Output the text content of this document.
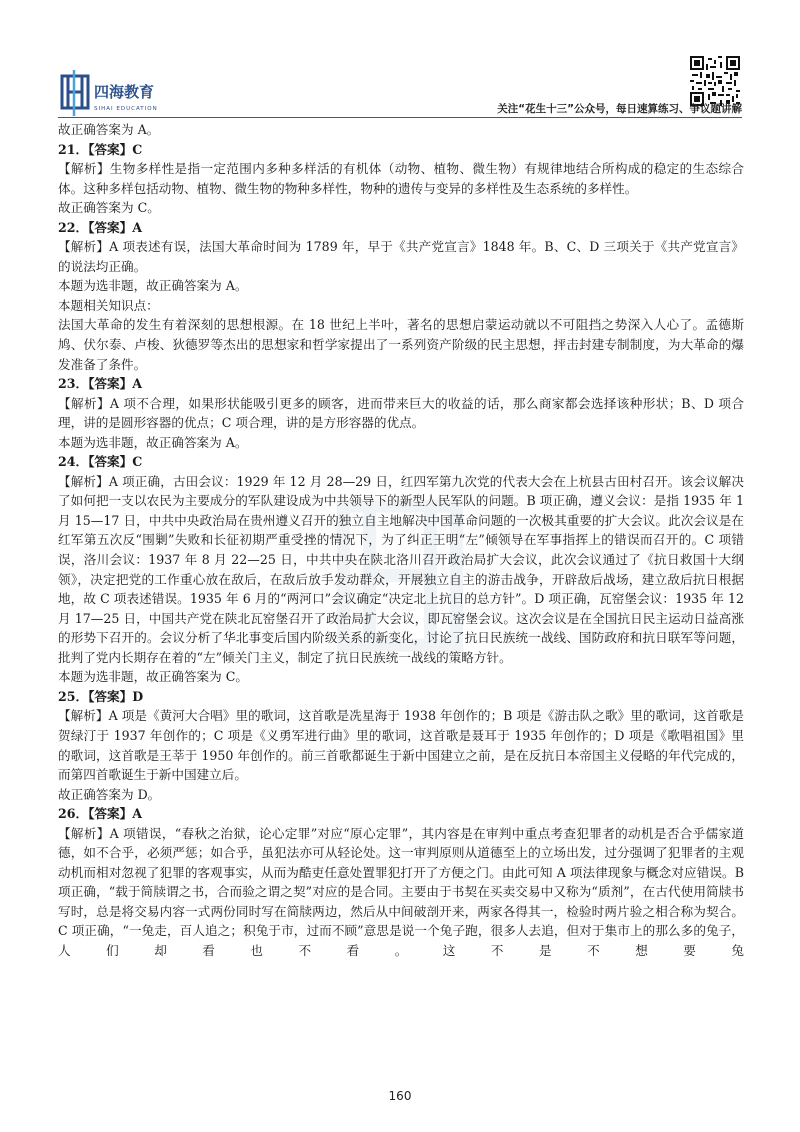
四海教育
SIHAI EDUCATION	关注“花生十三”公众号，每日速算练习、争议题讲解

故正确答案为 A。

21．【答案】C

【解析】生物多样性是指一定范围内多种多样活的有机体（动物、植物、微生物）有规律地结合所构成的稳定的生态综合体。这种多样包括动物、植物、微生物的物种多样性，物种的遗传与变异的多样性及生态系统的多样性。

故正确答案为 C。

22．【答案】A

【解析】A 项表述有误，法国大革命时间为 1789 年，早于《共产党宣言》1848 年。B、C、D 三项关于《共产党宣言》的说法均正确。

本题为选非题，故正确答案为 A。

本题相关知识点：

法国大革命的发生有着深刻的思想根源。在 18 世纪上半叶，著名的思想启蒙运动就以不可阻挡之势深入人心了。孟德斯鸠、伏尔泰、卢梭、狄德罗等杰出的思想家和哲学家提出了一系列资产阶级的民主思想，抨击封建专制制度，为大革命的爆发准备了条件。

23．【答案】A

【解析】A 项不合理，如果形状能吸引更多的顾客，进而带来巨大的收益的话，那么商家都会选择该种形状；B、D 项合理，讲的是圆形容器的优点；C 项合理，讲的是方形容器的优点。

本题为选非题，故正确答案为 A。

24．【答案】C

【解析】A 项正确，古田会议：1929 年 12 月 28—29 日，红四军第九次党的代表大会在上杭县古田村召开。该会议解决了如何把一支以农民为主要成分的军队建设成为中共领导下的新型人民军队的问题。B 项正确，遵义会议：是指 1935 年 1 月 15—17 日，中共中央政治局在贵州遵义召开的独立自主地解决中国革命问题的一次极其重要的扩大会议。此次会议是在红军第五次反“围剿”失败和长征初期严重受挫的情况下，为了纠正王明“左”倾领导在军事指挥上的错误而召开的。C 项错误，洛川会议：1937 年 8 月 22—25 日，中共中央在陕北洛川召开政治局扩大会议，此次会议通过了《抗日救国十大纲领》，决定把党的工作重心放在敌后，在敌后放手发动群众，开展独立自主的游击战争，开辟敌后战场，建立敌后抗日根据地，故 C 项表述错误。1935 年 6 月的“两河口”会议确定“决定北上抗日的总方针”。D 项正确，瓦窑堡会议：1935 年 12 月 17—25 日，中国共产党在陕北瓦窑堡召开了政治局扩大会议，即瓦窑堡会议。这次会议是在全国抗日民主运动日益高涨的形势下召开的。会议分析了华北事变后国内阶级关系的新变化，讨论了抗日民族统一战线、国防政府和抗日联军等问题，批判了党内长期存在着的“左”倾关门主义，制定了抗日民族统一战线的策略方针。

本题为选非题，故正确答案为 C。

25．【答案】D

【解析】A 项是《黄河大合唱》里的歌词，这首歌是冼星海于 1938 年创作的；B 项是《游击队之歌》里的歌词，这首歌是贺绿汀于 1937 年创作的；C 项是《义勇军进行曲》里的歌词，这首歌是聂耳于 1935 年创作的；D 项是《歌唱祖国》里的歌词，这首歌是王莘于 1950 年创作的。前三首歌都诞生于新中国建立之前，是在反抗日本帝国主义侵略的年代完成的，而第四首歌诞生于新中国建立后。

故正确答案为 D。

26．【答案】A

【解析】A 项错误，“春秋之治狱，论心定罪”对应“原心定罪”，其内容是在审判中重点考查犯罪者的动机是否合乎儒家道德，如不合乎，必须严惩；如合乎，虽犯法亦可从轻论处。这一审判原则从道德至上的立场出发，过分强调了犯罪者的主观动机而相对忽视了犯罪的客观事实，从而为酷吏任意处置罪犯打开了方便之门。由此可知 A 项法律现象与概念对应错误。B 项正确，“载于简牍谓之书，合而验之谓之契”对应的是合同。主要由于书契在买卖交易中又称为“质剂”，在古代使用简牍书写时，总是将交易内容一式两份同时写在简牍两边，然后从中间破剖开来，两家各得其一，检验时两片验之相合称为契合。C 项正确，“一兔走，百人追之；积兔于市，过而不顾”意思是说一个兔子跑，很多人去追，但对于集市上的那么多的兔子，人们却看也不看。这不是不想要兔

160
